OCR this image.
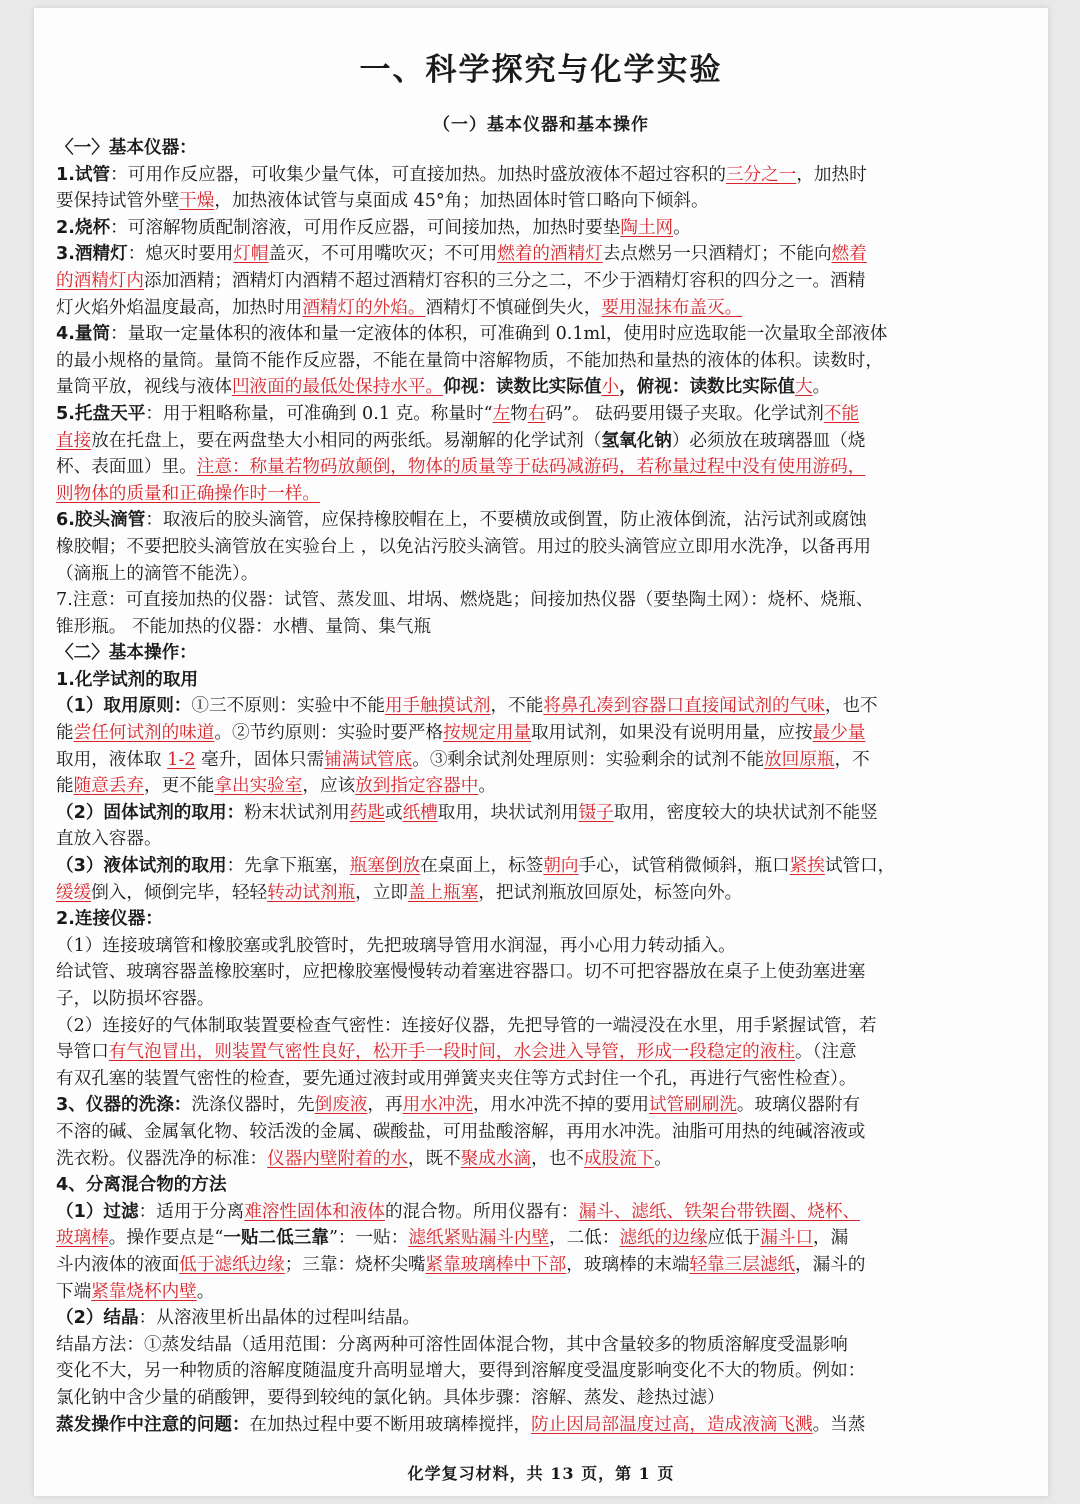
一、科学探究与化学实验
（一）基本仪器和基本操作
〈一〉基本仪器：
1.试管：可用作反应器，可收集少量气体，可直接加热。加热时盛放液体不超过容积的三分之一，加热时
要保持试管外壁干燥，加热液体试管与桌面成 45°角；加热固体时管口略向下倾斜。
2.烧杯：可溶解物质配制溶液，可用作反应器，可间接加热，加热时要垫陶土网。
3.酒精灯：熄灭时要用灯帽盖灭，不可用嘴吹灭；不可用燃着的酒精灯去点燃另一只酒精灯；不能向燃着
的酒精灯内添加酒精；酒精灯内酒精不超过酒精灯容积的三分之二，不少于酒精灯容积的四分之一。酒精
灯火焰外焰温度最高，加热时用酒精灯的外焰。酒精灯不慎碰倒失火，要用湿抹布盖灭。
4.量筒：量取一定量体积的液体和量一定液体的体积，可准确到 0.1ml，使用时应选取能一次量取全部液体
的最小规格的量筒。量筒不能作反应器，不能在量筒中溶解物质，不能加热和量热的液体的体积。读数时，
量筒平放，视线与液体凹液面的最低处保持水平。仰视：读数比实际值小，俯视：读数比实际值大。
5.托盘天平：用于粗略称量，可准确到 0.1 克。称量时“左物右码”。 砝码要用镊子夹取。化学试剂不能
直接放在托盘上，要在两盘垫大小相同的两张纸。易潮解的化学试剂（氢氧化钠）必须放在玻璃器皿（烧
杯、表面皿）里。注意：称量若物码放颠倒，物体的质量等于砝码减游码，若称量过程中没有使用游码，
则物体的质量和正确操作时一样。
6.胶头滴管：取液后的胶头滴管，应保持橡胶帽在上，不要横放或倒置，防止液体倒流，沾污试剂或腐蚀
橡胶帽；不要把胶头滴管放在实验台上 ，以免沾污胶头滴管。用过的胶头滴管应立即用水洗净，以备再用
（滴瓶上的滴管不能洗）。
7.注意：可直接加热的仪器：试管、蒸发皿、坩埚、燃烧匙；间接加热仪器（要垫陶土网）：烧杯、烧瓶、
锥形瓶。 不能加热的仪器：水槽、量筒、集气瓶
〈二〉基本操作：
1.化学试剂的取用
（1）取用原则：①三不原则：实验中不能用手触摸试剂，不能将鼻孔凑到容器口直接闻试剂的气味，也不
能尝任何试剂的味道。②节约原则：实验时要严格按规定用量取用试剂，如果没有说明用量，应按最少量
取用，液体取 1-2 毫升，固体只需铺满试管底。③剩余试剂处理原则：实验剩余的试剂不能放回原瓶，不
能随意丢弃，更不能拿出实验室，应该放到指定容器中。
（2）固体试剂的取用：粉末状试剂用药匙或纸槽取用，块状试剂用镊子取用，密度较大的块状试剂不能竖
直放入容器。
（3）液体试剂的取用：先拿下瓶塞，瓶塞倒放在桌面上，标签朝向手心，试管稍微倾斜，瓶口紧挨试管口，
缓缓倒入，倾倒完毕，轻轻转动试剂瓶，立即盖上瓶塞，把试剂瓶放回原处，标签向外。
2.连接仪器：
（1）连接玻璃管和橡胶塞或乳胶管时，先把玻璃导管用水润湿，再小心用力转动插入。
给试管、玻璃容器盖橡胶塞时，应把橡胶塞慢慢转动着塞进容器口。切不可把容器放在桌子上使劲塞进塞
子，以防损坏容器。
（2）连接好的气体制取装置要检查气密性：连接好仪器，先把导管的一端浸没在水里，用手紧握试管，若
导管口有气泡冒出，则装置气密性良好，松开手一段时间，水会进入导管，形成一段稳定的液柱。（注意
有双孔塞的装置气密性的检查，要先通过液封或用弹簧夹夹住等方式封住一个孔，再进行气密性检查）。
3、仪器的洗涤：洗涤仪器时，先倒废液，再用水冲洗，用水冲洗不掉的要用试管刷刷洗。玻璃仪器附有
不溶的碱、金属氧化物、较活泼的金属、碳酸盐，可用盐酸溶解，再用水冲洗。油脂可用热的纯碱溶液或
洗衣粉。仪器洗净的标准：仪器内壁附着的水，既不聚成水滴，也不成股流下。
4、分离混合物的方法
（1）过滤：适用于分离难溶性固体和液体的混合物。所用仪器有：漏斗、滤纸、铁架台带铁圈、烧杯、
玻璃棒。操作要点是“一贴二低三靠”：一贴：滤纸紧贴漏斗内壁，二低：滤纸的边缘应低于漏斗口，漏
斗内液体的液面低于滤纸边缘；三靠：烧杯尖嘴紧靠玻璃棒中下部，玻璃棒的末端轻靠三层滤纸，漏斗的
下端紧靠烧杯内壁。
（2）结晶：从溶液里析出晶体的过程叫结晶。
结晶方法：①蒸发结晶（适用范围：分离两种可溶性固体混合物，其中含量较多的物质溶解度受温影响
变化不大，另一种物质的溶解度随温度升高明显增大，要得到溶解度受温度影响变化不大的物质。例如：
氯化钠中含少量的硝酸钾，要得到较纯的氯化钠。具体步骤：溶解、蒸发、趁热过滤）
蒸发操作中注意的问题：在加热过程中要不断用玻璃棒搅拌，防止因局部温度过高，造成液滴飞溅。当蒸
化学复习材料，共 13 页，第 1 页
